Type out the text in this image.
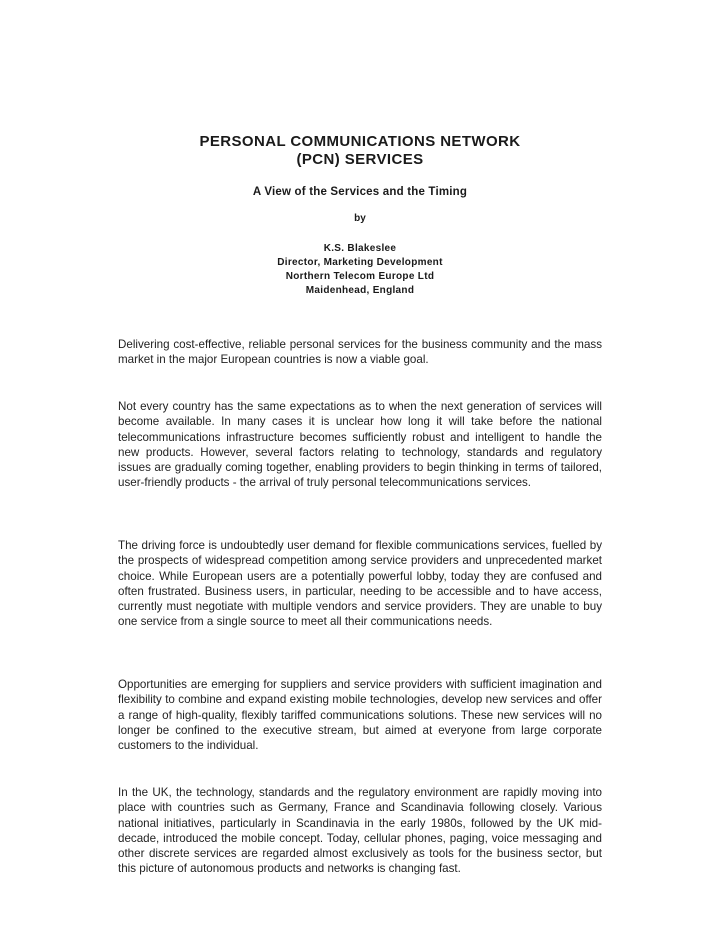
PERSONAL COMMUNICATIONS NETWORK
(PCN) SERVICES
A View of the Services and the Timing
by
K.S. Blakeslee
Director, Marketing Development
Northern Telecom Europe Ltd
Maidenhead, England
Delivering cost-effective, reliable personal services for the business community and the mass market in the major European countries is now a viable goal.
Not every country has the same expectations as to when the next generation of services will become available. In many cases it is unclear how long it will take before the national telecommunications infrastructure becomes sufficiently robust and intelligent to handle the new products. However, several factors relating to technology, standards and regulatory issues are gradually coming together, enabling providers to begin thinking in terms of tailored, user-friendly products - the arrival of truly personal telecommunications services.
The driving force is undoubtedly user demand for flexible communications services, fuelled by the prospects of widespread competition among service providers and unprecedented market choice. While European users are a potentially powerful lobby, today they are confused and often frustrated. Business users, in particular, needing to be accessible and to have access, currently must negotiate with multiple vendors and service providers. They are unable to buy one service from a single source to meet all their communications needs.
Opportunities are emerging for suppliers and service providers with sufficient imagination and flexibility to combine and expand existing mobile technologies, develop new services and offer a range of high-quality, flexibly tariffed communications solutions. These new services will no longer be confined to the executive stream, but aimed at everyone from large corporate customers to the individual.
In the UK, the technology, standards and the regulatory environment are rapidly moving into place with countries such as Germany, France and Scandinavia following closely. Various national initiatives, particularly in Scandinavia in the early 1980s, followed by the UK mid-decade, introduced the mobile concept. Today, cellular phones, paging, voice messaging and other discrete services are regarded almost exclusively as tools for the business sector, but this picture of autonomous products and networks is changing fast.
